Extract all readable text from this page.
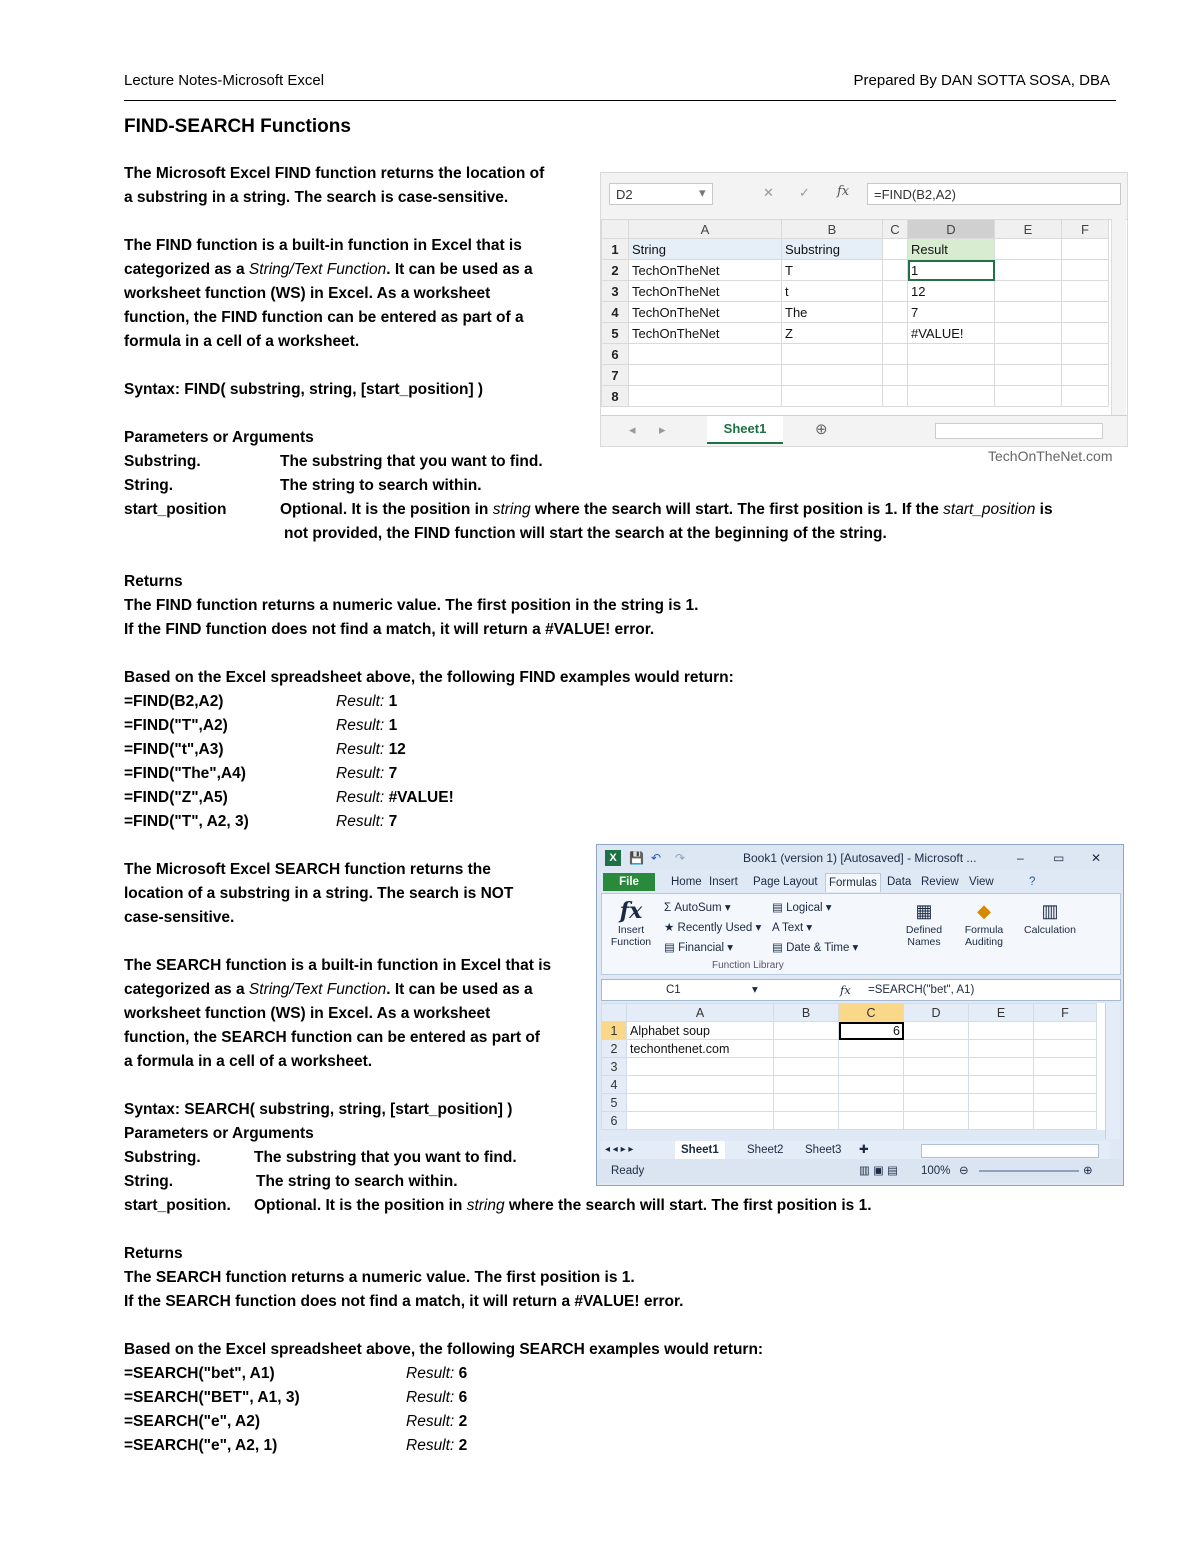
Lecture Notes-Microsoft Excel	Prepared By DAN SOTTA SOSA, DBA
FIND-SEARCH Functions
The Microsoft Excel FIND function returns the location of
a substring in a string. The search is case-sensitive.
The FIND function is a built-in function in Excel that is
categorized as a String/Text Function. It can be used as a
worksheet function (WS) in Excel. As a worksheet
function, the FIND function can be entered as part of a
formula in a cell of a worksheet.
Syntax: FIND( substring, string, [start_position] )
Parameters or Arguments
Substring.	The substring that you want to find.
String.	The string to search within.
start_position	Optional. It is the position in string where the search will start. The first position is 1. If the start_position is
not provided, the FIND function will start the search at the beginning of the string.
Returns
The FIND function returns a numeric value. The first position in the string is 1.
If the FIND function does not find a match, it will return a #VALUE! error.
Based on the Excel spreadsheet above, the following FIND examples would return:
=FIND(B2,A2)	Result: 1
=FIND("T",A2)	Result: 1
=FIND("t",A3)	Result: 12
=FIND("The",A4)	Result: 7
=FIND("Z",A5)	Result: #VALUE!
=FIND("T", A2, 3)	Result: 7
D2	▾	✕ ✓ fx	=FIND(B2,A2)
	A	B	C	D	E	F
1	String	Substring		Result		
2	TechOnTheNet	T		1		
3	TechOnTheNet	t		12		
4	TechOnTheNet	The		7		
5	TechOnTheNet	Z		#VALUE!		
6						
7						
8						
◂ ▸	Sheet1	⊕
TechOnTheNet.com
The Microsoft Excel SEARCH function returns the
location of a substring in a string. The search is NOT
case-sensitive.
The SEARCH function is a built-in function in Excel that is
categorized as a String/Text Function. It can be used as a
worksheet function (WS) in Excel. As a worksheet
function, the SEARCH function can be entered as part of
a formula in a cell of a worksheet.
Syntax: SEARCH( substring, string, [start_position] )
Parameters or Arguments
Substring.	The substring that you want to find.
String.	The string to search within.
start_position. Optional. It is the position in string where the search will start. The first position is 1.
Returns
The SEARCH function returns a numeric value. The first position is 1.
If the SEARCH function does not find a match, it will return a #VALUE! error.
Based on the Excel spreadsheet above, the following SEARCH examples would return:
=SEARCH("bet", A1)	Result: 6
=SEARCH("BET", A1, 3)	Result: 6
=SEARCH("e", A2)	Result: 2
=SEARCH("e", A2, 1)	Result: 2
X	💾 ↶ ↷	Book1 (version 1) [Autosaved] - Microsoft ...	– ▭ ✕
File	Home Insert Page Layout Formulas Data Review View	?
fx
Insert Function
Σ AutoSum ▾
★ Recently Used ▾
▤ Financial ▾
▤ Logical ▾
A Text ▾
▤ Date & Time ▾
▦
Defined Names
◆
Formula Auditing
▥
Calculation
Function Library
C1	▾	fx =SEARCH("bet", A1)
	A	B	C	D	E	F
1	Alphabet soup		6			
2	techonthenet.com					
3						
4						
5						
6						
◂ ◂ ▸ ▸	Sheet1	Sheet2	Sheet3	✚
Ready	▥ ▣ ▤ 100% ⊖	⊕
